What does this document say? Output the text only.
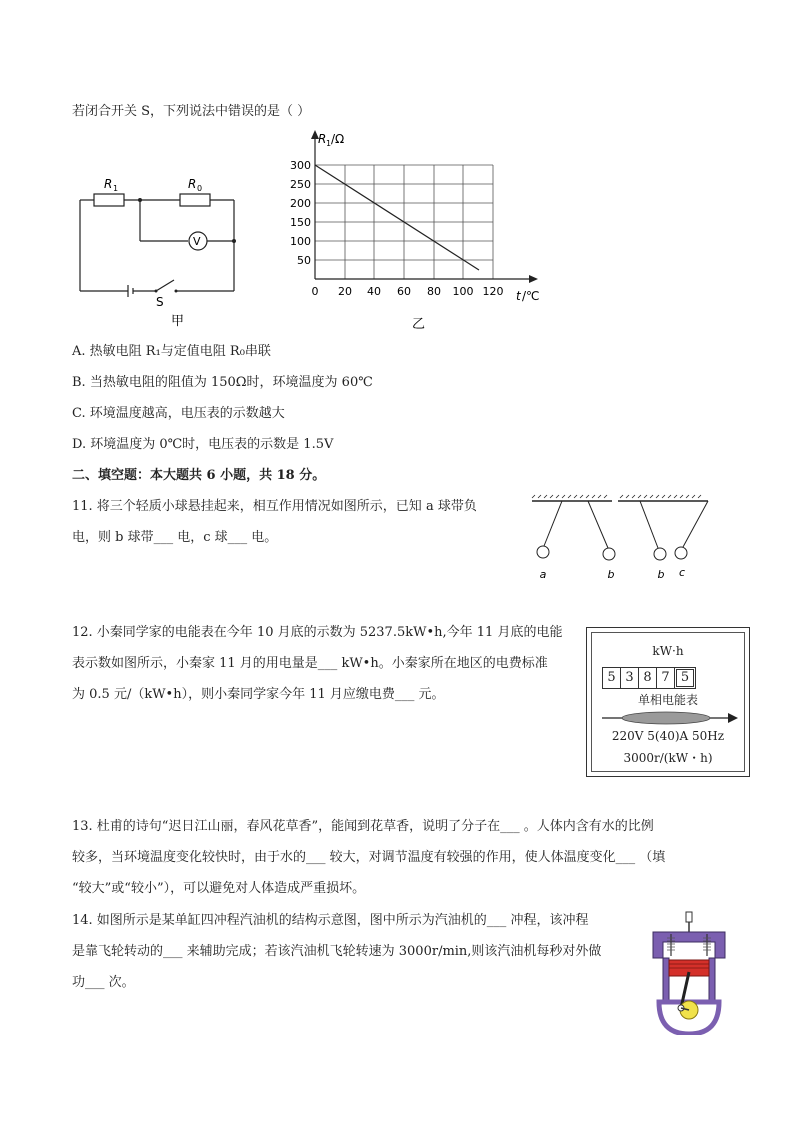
若闭合开关 S，下列说法中错误的是（ ）
R 1	R 0
V
S
甲
300
250
200
150
100
50
0 20 40 60 80 100 120
R 1 /Ω
t /℃
乙
A. 热敏电阻 R₁与定值电阻 R₀串联
B. 当热敏电阻的阻值为 150Ω时，环境温度为 60℃
C. 环境温度越高，电压表的示数越大
D. 环境温度为 0℃时，电压表的示数是 1.5V
二、填空题：本大题共 6 小题，共 18 分。
11. 将三个轻质小球悬挂起来，相互作用情况如图所示，已知 a 球带负
电，则 b 球带___ 电，c 球___ 电。
a	b	b c
12. 小秦同学家的电能表在今年 10 月底的示数为 5237.5kW•h,今年 11 月底的电能
表示数如图所示，小秦家 11 月的用电量是___ kW•h。小秦家所在地区的电费标准
为 0.5 元/（kW•h），则小秦同学家今年 11 月应缴电费___ 元。
kW·h
5 3 8 7 5
单相电能表
220V 5(40)A 50Hz
3000r/(kW・h)
13. 杜甫的诗句“迟日江山丽，春风花草香”，能闻到花草香，说明了分子在___ 。人体内含有水的比例
较多，当环境温度变化较快时，由于水的___ 较大，对调节温度有较强的作用，使人体温度变化___ （填
“较大”或“较小”），可以避免对人体造成严重损坏。
14. 如图所示是某单缸四冲程汽油机的结构示意图，图中所示为汽油机的___ 冲程，该冲程
是靠飞轮转动的___ 来辅助完成；若该汽油机飞轮转速为 3000r/min,则该汽油机每秒对外做
功___ 次。
